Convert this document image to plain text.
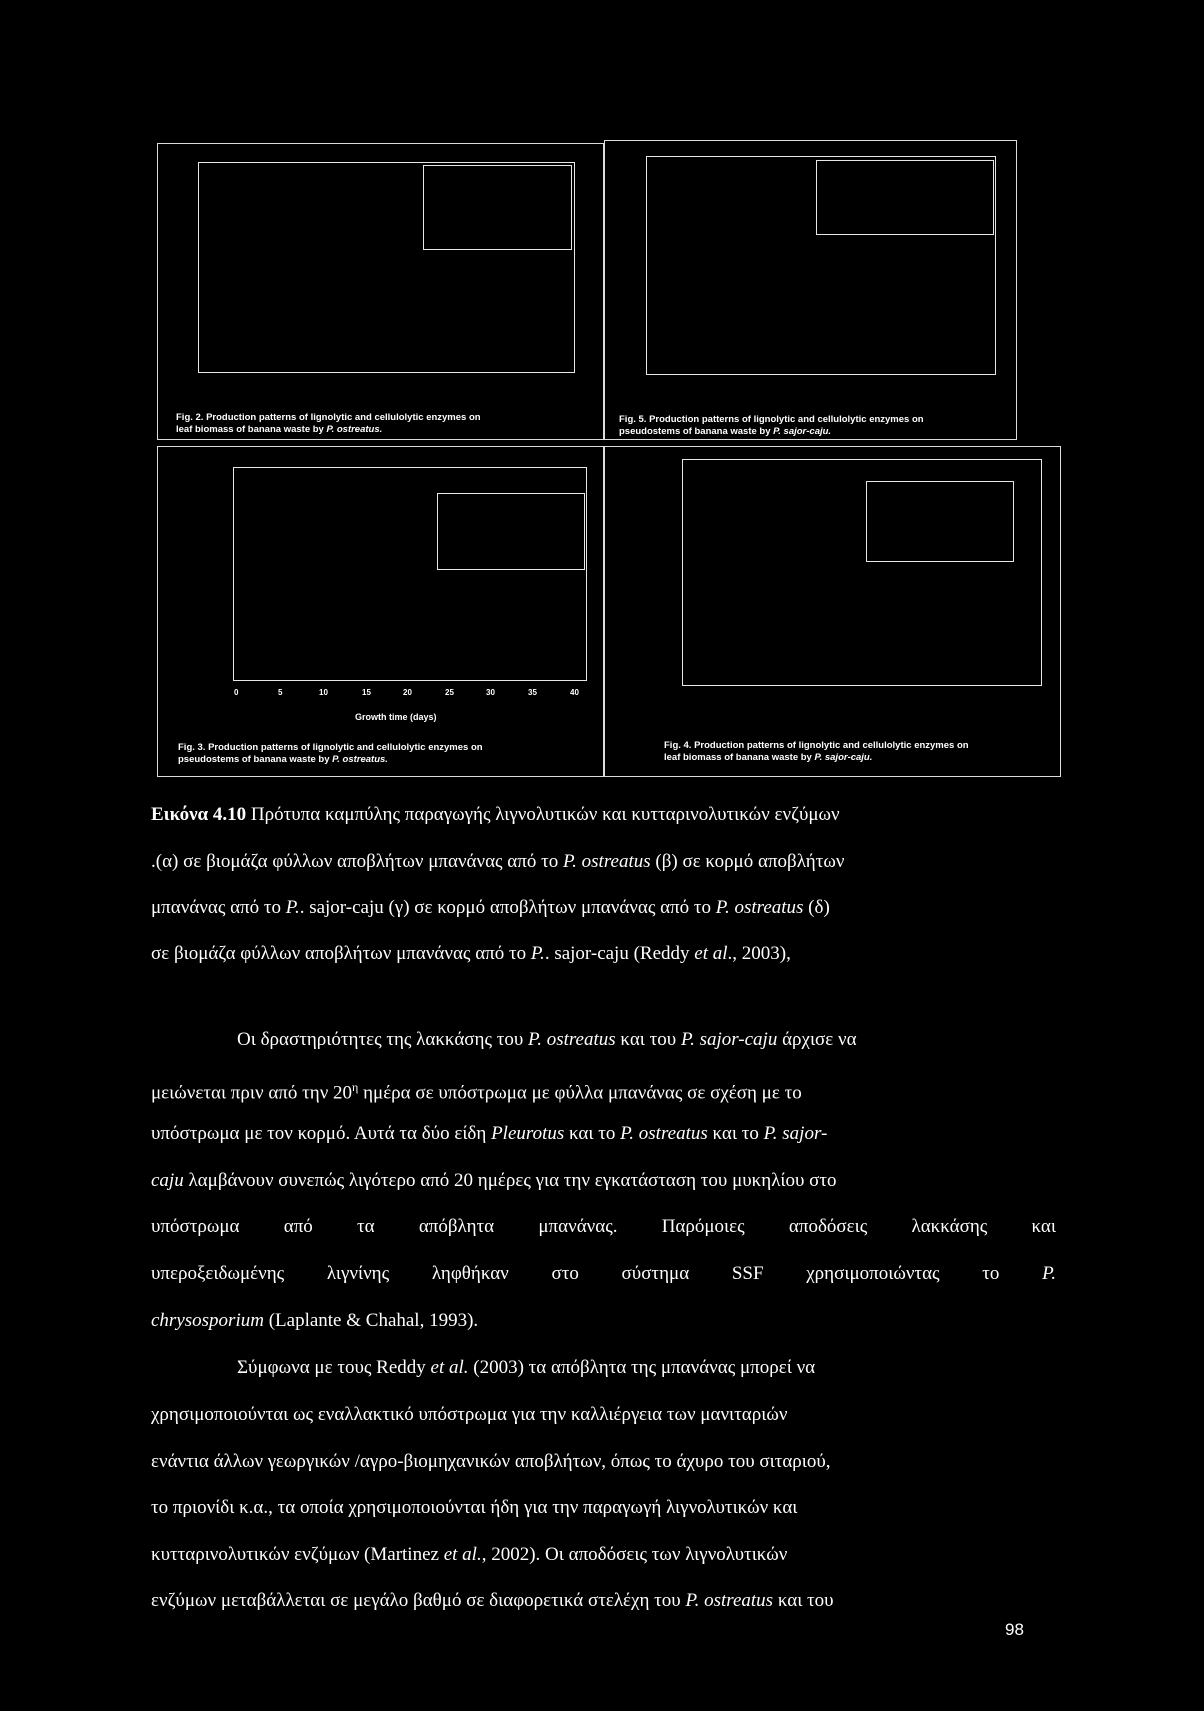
0	5	10	15	20	25	30	35	40
Growth time (days)
Fig. 2. Production patterns of lignolytic and cellulolytic enzymes on
leaf biomass of banana waste by P. ostreatus.
Fig. 5. Production patterns of lignolytic and cellulolytic enzymes on
pseudostems of banana waste by P. sajor-caju.
Fig. 3. Production patterns of lignolytic and cellulolytic enzymes on
pseudostems of banana waste by P. ostreatus.
Fig. 4. Production patterns of lignolytic and cellulolytic enzymes on
leaf biomass of banana waste by P. sajor-caju.
Εικόνα 4.10 Πρότυπα καμπύλης παραγωγής λιγνολυτικών και κυτταρινολυτικών ενζύμων
.(α) σε βιομάζα φύλλων αποβλήτων μπανάνας από το P. ostreatus (β) σε κορμό αποβλήτων
μπανάνας από το P.. sajor-caju (γ) σε κορμό αποβλήτων μπανάνας από το P. ostreatus (δ)
σε βιομάζα φύλλων αποβλήτων μπανάνας από το P.. sajor-caju (Reddy et al., 2003),
Οι δραστηριότητες της λακκάσης του P. ostreatus και του P. sajor-caju άρχισε να
μειώνεται πριν από την $20^\eta$ ημέρα σε υπόστρωμα με φύλλα μπανάνας σε σχέση με το
υπόστρωμα με τον κορμό. Αυτά τα δύο είδη Pleurotus και το P. ostreatus και το P. sajor-
caju λαμβάνουν συνεπώς λιγότερο από 20 ημέρες για την εγκατάσταση του μυκηλίου στο
υπόστρωμα από τα απόβλητα μπανάνας. Παρόμοιες αποδόσεις λακκάσης και
υπεροξειδωμένης λιγνίνης ληφθήκαν στο σύστημα SSF χρησιμοποιώντας το P.
chrysosporium (Laplante & Chahal, 1993).
Σύμφωνα με τους Reddy et al. (2003) τα απόβλητα της μπανάνας μπορεί να
χρησιμοποιούνται ως εναλλακτικό υπόστρωμα για την καλλιέργεια των μανιταριών
ενάντια άλλων γεωργικών /αγρο-βιομηχανικών αποβλήτων, όπως το άχυρο του σιταριού,
το πριονίδι κ.α., τα οποία χρησιμοποιούνται ήδη για την παραγωγή λιγνολυτικών και
κυτταρινολυτικών ενζύμων (Martinez et al., 2002). Οι αποδόσεις των λιγνολυτικών
ενζύμων μεταβάλλεται σε μεγάλο βαθμό σε διαφορετικά στελέχη του P. ostreatus και του
98
